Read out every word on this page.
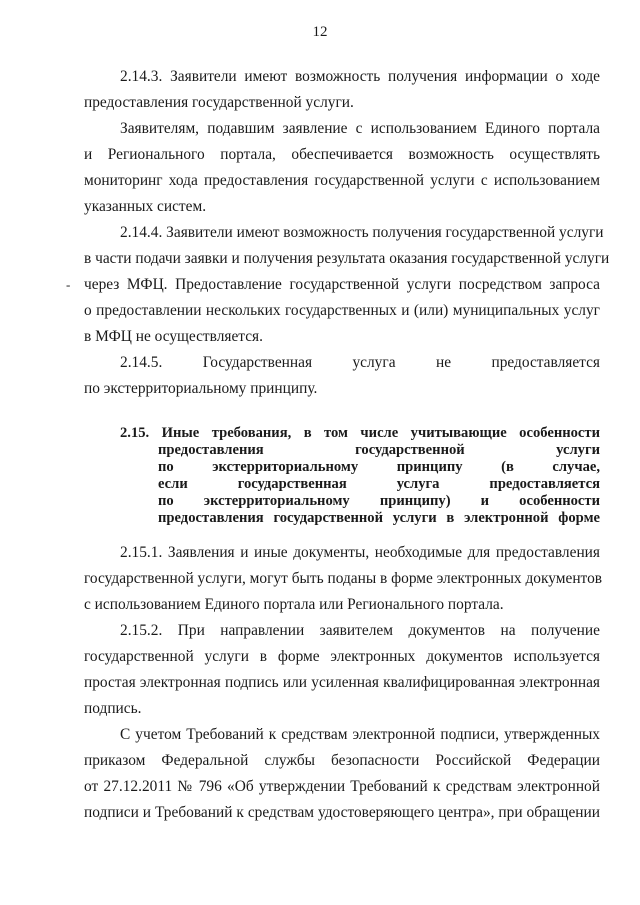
12
-
2.14.3. Заявители имеют возможность получения информации о ходе
предоставления государственной услуги.
Заявителям, подавшим заявление с использованием Единого портала
и Регионального портала, обеспечивается возможность осуществлять
мониторинг хода предоставления государственной услуги с использованием
указанных систем.
2.14.4. Заявители имеют возможность получения государственной услуги
в части подачи заявки и получения результата оказания государственной услуги
через МФЦ. Предоставление государственной услуги посредством запроса
о предоставлении нескольких государственных и (или) муниципальных услуг
в МФЦ не осуществляется.
2.14.5. Государственная услуга не предоставляется
по экстерриториальному принципу.
2.15. Иные требования, в том числе учитывающие особенности
предоставления государственной услуги
по экстерриториальному принципу (в случае,
если государственная услуга предоставляется
по экстерриториальному принципу) и особенности
предоставления государственной услуги в электронной форме
2.15.1. Заявления и иные документы, необходимые для предоставления
государственной услуги, могут быть поданы в форме электронных документов
с использованием Единого портала или Регионального портала.
2.15.2. При направлении заявителем документов на получение
государственной услуги в форме электронных документов используется
простая электронная подпись или усиленная квалифицированная электронная
подпись.
С учетом Требований к средствам электронной подписи, утвержденных
приказом Федеральной службы безопасности Российской Федерации
от 27.12.2011 № 796 «Об утверждении Требований к средствам электронной
подписи и Требований к средствам удостоверяющего центра», при обращении
